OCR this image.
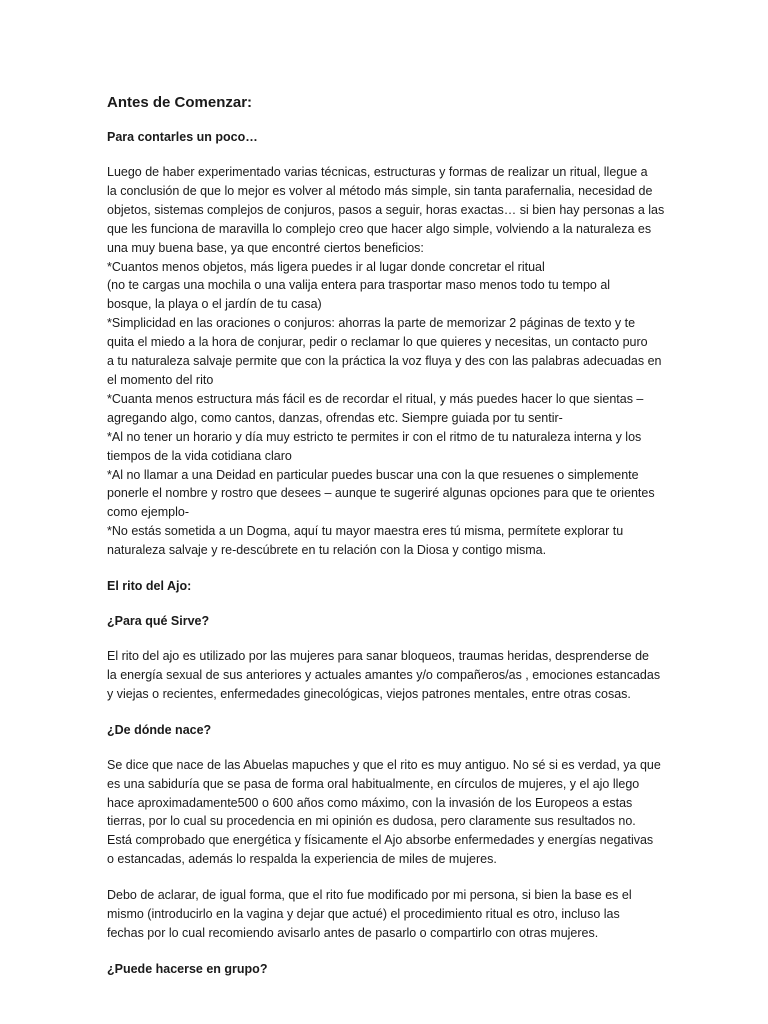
Antes de Comenzar:

Para contarles un poco…

Luego de haber experimentado varias técnicas, estructuras y formas de realizar un ritual, llegue a
la conclusión de que lo mejor es volver al método más simple, sin tanta parafernalia, necesidad de
objetos, sistemas complejos de conjuros, pasos a seguir, horas exactas… si bien hay personas a las
que les funciona de maravilla lo complejo creo que hacer algo simple, volviendo a la naturaleza es
una muy buena base, ya que encontré ciertos beneficios:
*Cuantos menos objetos, más ligera puedes ir al lugar donde concretar el ritual
(no te cargas una mochila o una valija entera para trasportar maso menos todo tu tempo al
bosque, la playa o el jardín de tu casa)
*Simplicidad en las oraciones o conjuros: ahorras la parte de memorizar 2 páginas de texto y te
quita el miedo a la hora de conjurar, pedir o reclamar lo que quieres y necesitas, un contacto puro
a tu naturaleza salvaje permite que con la práctica la voz fluya y des con las palabras adecuadas en
el momento del rito
*Cuanta menos estructura más fácil es de recordar el ritual, y más puedes hacer lo que sientas –
agregando algo, como cantos, danzas, ofrendas etc. Siempre guiada por tu sentir-
*Al no tener un horario y día muy estricto te permites ir con el ritmo de tu naturaleza interna y los
tiempos de la vida cotidiana claro
*Al no llamar a una Deidad en particular puedes buscar una con la que resuenes o simplemente
ponerle el nombre y rostro que desees – aunque te sugeriré algunas opciones para que te orientes
como ejemplo-
*No estás sometida a un Dogma, aquí tu mayor maestra eres tú misma, permítete explorar tu
naturaleza salvaje y re-descúbrete en tu relación con la Diosa y contigo misma.

El rito del Ajo:

¿Para qué Sirve?

El rito del ajo es utilizado por las mujeres para sanar bloqueos, traumas heridas, desprenderse de
la energía sexual de sus anteriores y actuales amantes y/o compañeros/as , emociones estancadas
y viejas o recientes, enfermedades ginecológicas, viejos patrones mentales, entre otras cosas.

¿De dónde nace?

Se dice que nace de las Abuelas mapuches y que el rito es muy antiguo. No sé si es verdad, ya que
es una sabiduría que se pasa de forma oral habitualmente, en círculos de mujeres, y el ajo llego
hace aproximadamente500 o 600 años como máximo, con la invasión de los Europeos a estas
tierras, por lo cual su procedencia en mi opinión es dudosa, pero claramente sus resultados no.
Está comprobado que energética y físicamente el Ajo absorbe enfermedades y energías negativas
o estancadas, además lo respalda la experiencia de miles de mujeres.
Debo de aclarar, de igual forma, que el rito fue modificado por mi persona, si bien la base es el
mismo (introducirlo en la vagina y dejar que actué) el procedimiento ritual es otro, incluso las
fechas por lo cual recomiendo avisarlo antes de pasarlo o compartirlo con otras mujeres.

¿Puede hacerse en grupo?
